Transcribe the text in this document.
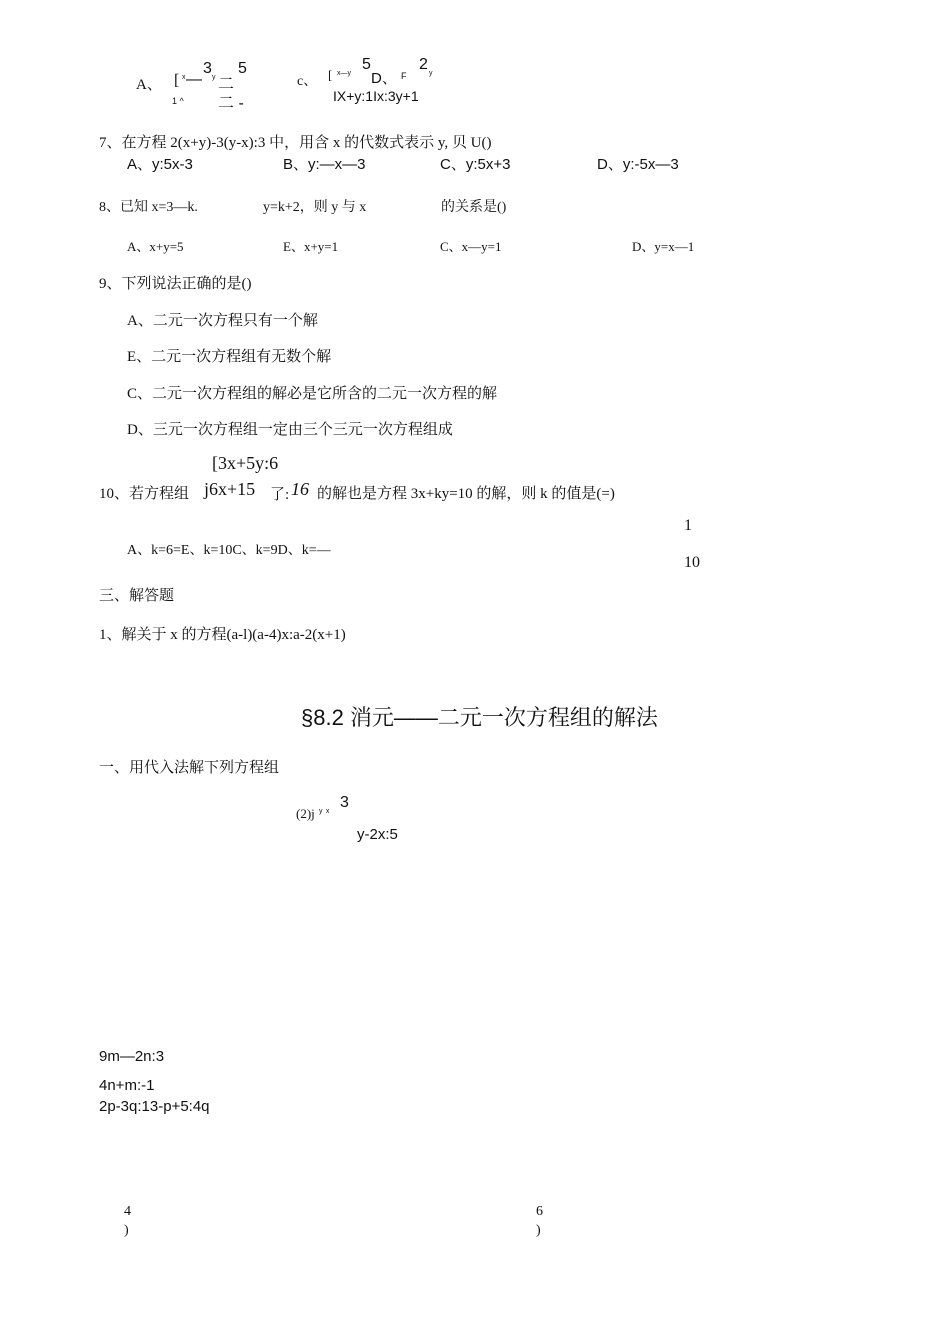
A、 [ x —
3
y 二
5
1 ^ 二 -
c、 [ x—y 
5
D、 F
2
y
IX+y:1Ix:3y+1
7、在方程 2(x+y)-3(y-x):3 中，用含 x 的代数式表示 y, 贝 U()
A、y:5x-3	B、y:—x—3	C、y:5x+3	D、y:-5x—3
8、已知 x=3—k.	y=k+2，则 y 与 x	的关系是()
A、x+y=5	E、x+y=1	C、x—y=1	D、y=x—1
9、下列说法正确的是()
A、二元一次方程只有一个解
E、二元一次方程组有无数个解
C、二元一次方程组的解必是它所含的二元一次方程的解
D、三元一次方程组一定由三个三元一次方程组成
[3x+5y:6
10、若方程组 j6x+15 了: 16 的解也是方程 3x+ky=10 的解，则 k 的值是(=)
A、k=6=E、k=10C、k=9D、k=—
1
10
三、解答题
1、解关于 x 的方程(a-l)(a-4)x:a-2(x+1)
§8.2 消元——二元一次方程组的解法
一、用代入法解下列方程组
(2)j y  x 
3
y-2x:5
9m—2n:3
4n+m:-1
2p-3q:13-p+5:4q
4
)
6
)
